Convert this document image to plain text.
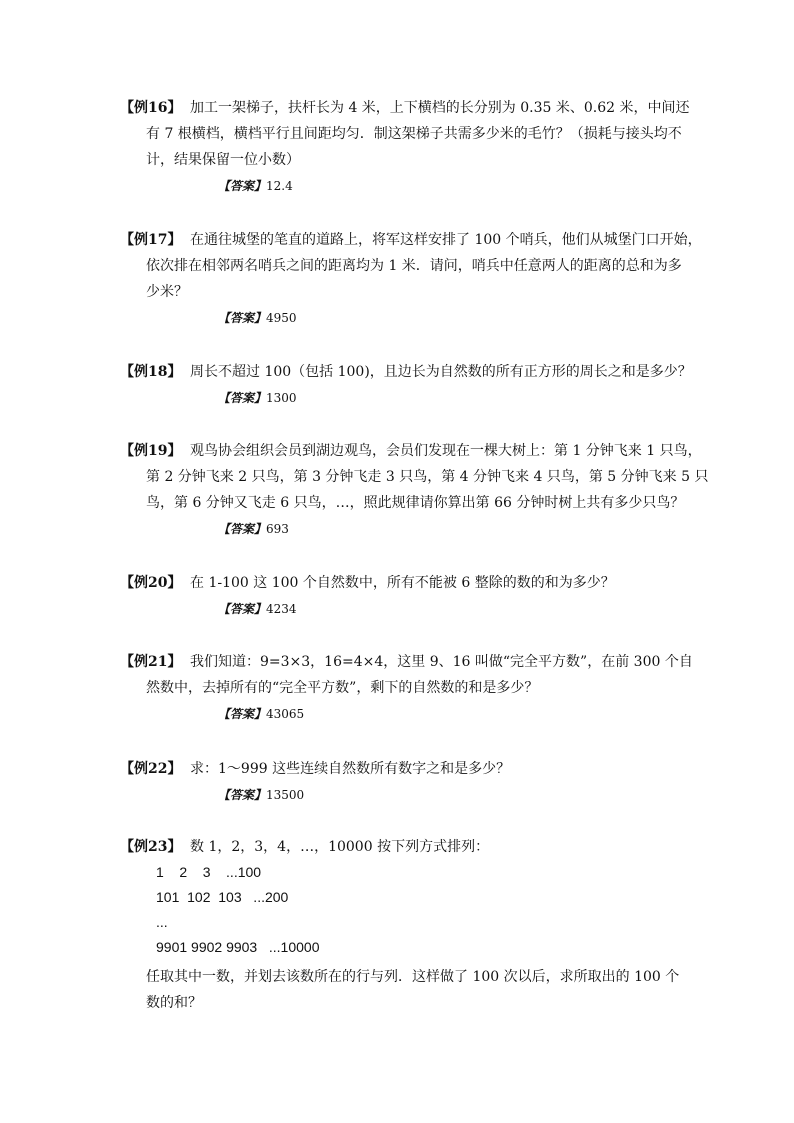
【例16】 加工一架梯子，扶杆长为 4 米，上下横档的长分别为 0.35 米、0.62 米，中间还
有 7 根横档，横档平行且间距均匀．制这架梯子共需多少米的毛竹？（损耗与接头均不
计，结果保留一位小数）
【答案】12.4
【例17】 在通往城堡的笔直的道路上，将军这样安排了 100 个哨兵，他们从城堡门口开始，
依次排在相邻两名哨兵之间的距离均为 1 米．请问，哨兵中任意两人的距离的总和为多
少米？
【答案】4950
【例18】 周长不超过 100（包括 100)，且边长为自然数的所有正方形的周长之和是多少？
【答案】1300
【例19】 观鸟协会组织会员到湖边观鸟，会员们发现在一棵大树上：第 1 分钟飞来 1 只鸟，
第 2 分钟飞来 2 只鸟，第 3 分钟飞走 3 只鸟，第 4 分钟飞来 4 只鸟，第 5 分钟飞来 5 只
鸟，第 6 分钟又飞走 6 只鸟，…，照此规律请你算出第 66 分钟时树上共有多少只鸟？
【答案】693
【例20】 在 1-100 这 100 个自然数中，所有不能被 6 整除的数的和为多少？
【答案】4234
【例21】 我们知道：9=3×3，16=4×4，这里 9、16 叫做“完全平方数”，在前 300 个自
然数中，去掉所有的“完全平方数”，剩下的自然数的和是多少？
【答案】43065
【例22】 求：1～999 这些连续自然数所有数字之和是多少？
【答案】13500
【例23】 数 1，2，3，4，…，10000 按下列方式排列：
1    2    3    ...100
101  102  103   ...200
...
9901 9902 9903   ...10000
任取其中一数，并划去该数所在的行与列．这样做了 100 次以后，求所取出的 100 个
数的和？
